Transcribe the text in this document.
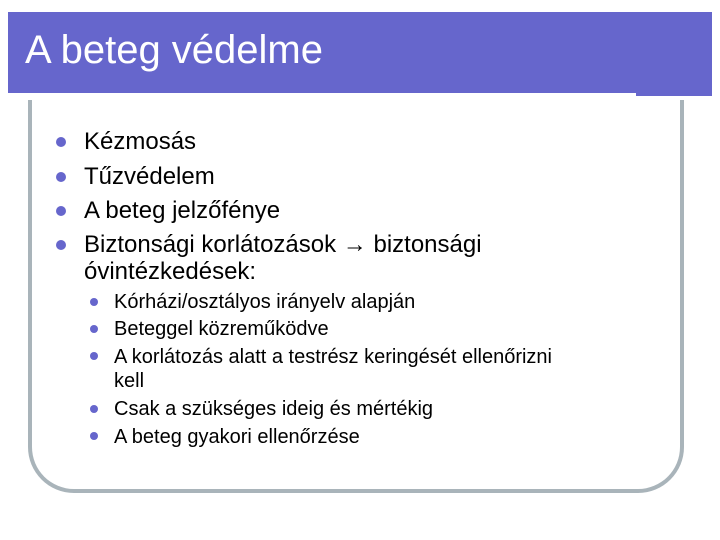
A beteg védelme
Kézmosás
Tűzvédelem
A beteg jelzőfénye
Biztonsági korlátozások → biztonsági
óvintézkedések:
Kórházi/osztályos irányelv alapján
Beteggel közreműködve
A korlátozás alatt a testrész keringését ellenőrizni
kell
Csak a szükséges ideig és mértékig
A beteg gyakori ellenőrzése
